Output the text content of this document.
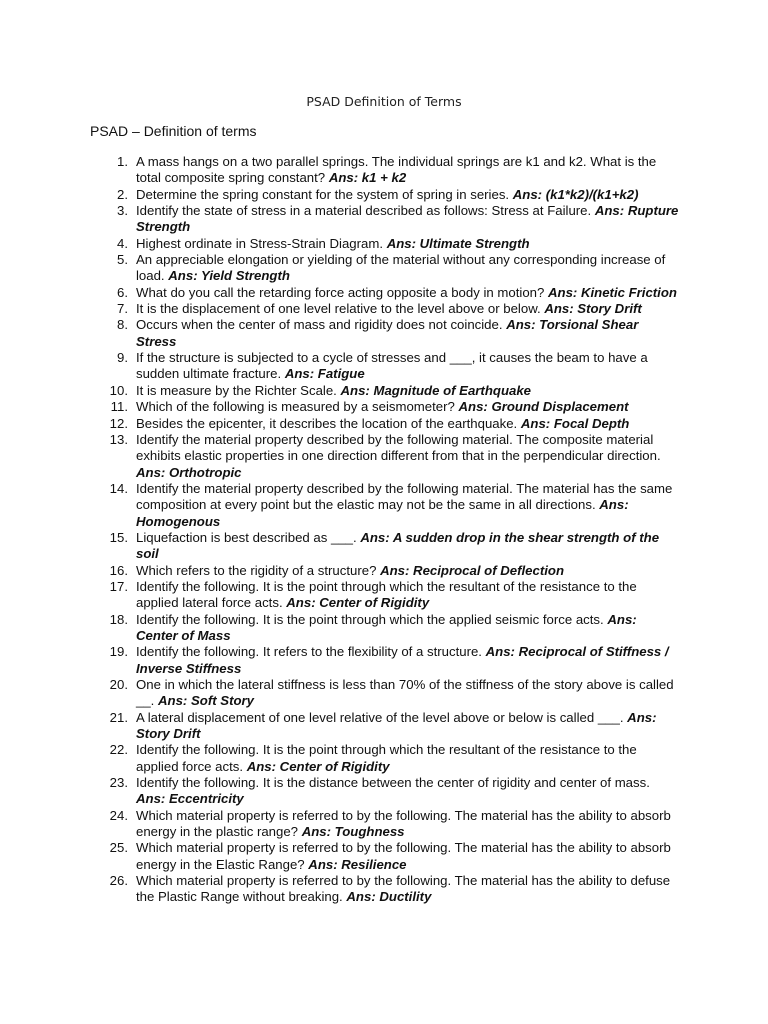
PSAD Definition of Terms
PSAD – Definition of terms
1. A mass hangs on a two parallel springs. The individual springs are k1 and k2. What is the total composite spring constant? Ans: k1 + k2
2. Determine the spring constant for the system of spring in series. Ans: (k1*k2)/(k1+k2)
3. Identify the state of stress in a material described as follows: Stress at Failure. Ans: Rupture Strength
4. Highest ordinate in Stress-Strain Diagram. Ans: Ultimate Strength
5. An appreciable elongation or yielding of the material without any corresponding increase of load. Ans: Yield Strength
6. What do you call the retarding force acting opposite a body in motion? Ans: Kinetic Friction
7. It is the displacement of one level relative to the level above or below. Ans: Story Drift
8. Occurs when the center of mass and rigidity does not coincide. Ans: Torsional Shear Stress
9. If the structure is subjected to a cycle of stresses and ___, it causes the beam to have a sudden ultimate fracture. Ans: Fatigue
10. It is measure by the Richter Scale. Ans: Magnitude of Earthquake
11. Which of the following is measured by a seismometer? Ans: Ground Displacement
12. Besides the epicenter, it describes the location of the earthquake. Ans: Focal Depth
13. Identify the material property described by the following material. The composite material exhibits elastic properties in one direction different from that in the perpendicular direction. Ans: Orthotropic
14. Identify the material property described by the following material. The material has the same composition at every point but the elastic may not be the same in all directions. Ans: Homogenous
15. Liquefaction is best described as ___. Ans: A sudden drop in the shear strength of the soil
16. Which refers to the rigidity of a structure? Ans: Reciprocal of Deflection
17. Identify the following. It is the point through which the resultant of the resistance to the applied lateral force acts. Ans: Center of Rigidity
18. Identify the following. It is the point through which the applied seismic force acts. Ans: Center of Mass
19. Identify the following. It refers to the flexibility of a structure. Ans: Reciprocal of Stiffness / Inverse Stiffness
20. One in which the lateral stiffness is less than 70% of the stiffness of the story above is called __. Ans: Soft Story
21. A lateral displacement of one level relative of the level above or below is called ___. Ans: Story Drift
22. Identify the following. It is the point through which the resultant of the resistance to the applied force acts. Ans: Center of Rigidity
23. Identify the following. It is the distance between the center of rigidity and center of mass. Ans: Eccentricity
24. Which material property is referred to by the following. The material has the ability to absorb energy in the plastic range? Ans: Toughness
25. Which material property is referred to by the following. The material has the ability to absorb energy in the Elastic Range? Ans: Resilience
26. Which material property is referred to by the following. The material has the ability to defuse the Plastic Range without breaking. Ans: Ductility
